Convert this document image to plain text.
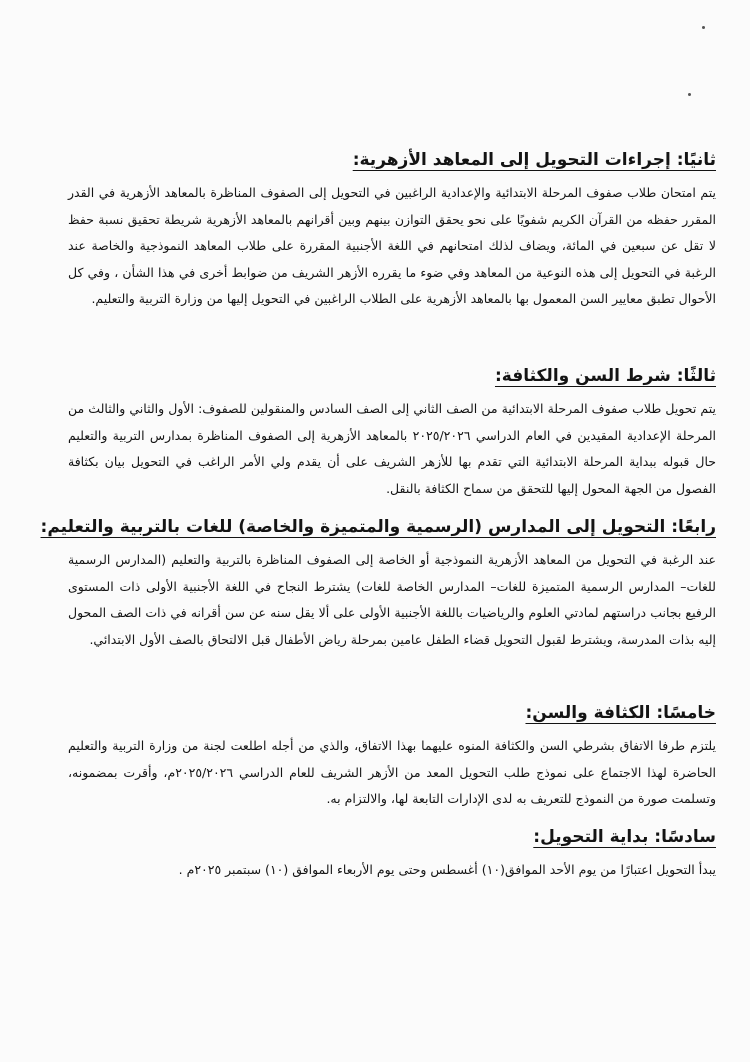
ثانيًا: إجراءات التحويل إلى المعاهد الأزهرية:
يتم امتحان طلاب صفوف المرحلة الابتدائية والإعدادية الراغبين في التحويل إلى الصفوف المناظرة بالمعاهد الأزهرية في القدر المقرر حفظه من القرآن الكريم شفويًا على نحو يحقق التوازن بينهم وبين أقرانهم بالمعاهد الأزهرية شريطة تحقيق نسبة حفظ لا تقل عن سبعين في المائة، ويضاف لذلك امتحانهم في اللغة الأجنبية المقررة على طلاب المعاهد النموذجية والخاصة عند الرغبة في التحويل إلى هذه النوعية من المعاهد وفي ضوء ما يقرره الأزهر الشريف من ضوابط أخرى في هذا الشأن ، وفي كل الأحوال تطبق معايير السن المعمول بها بالمعاهد الأزهرية على الطلاب الراغبين في التحويل إليها من وزارة التربية والتعليم.
ثالثًا: شرط السن والكثافة:
يتم تحويل طلاب صفوف المرحلة الابتدائية من الصف الثاني إلى الصف السادس والمنقولين للصفوف: الأول والثاني والثالث من المرحلة الإعدادية المقيدين في العام الدراسي ٢٠٢٥/٢٠٢٦ بالمعاهد الأزهرية إلى الصفوف المناظرة بمدارس التربية والتعليم حال قبوله ببداية المرحلة الابتدائية التي تقدم بها للأزهر الشريف على أن يقدم ولي الأمر الراغب في التحويل بيان بكثافة الفصول من الجهة المحول إليها للتحقق من سماح الكثافة بالنقل.
رابعًا: التحويل إلى المدارس (الرسمية والمتميزة والخاصة) للغات بالتربية والتعليم:
عند الرغبة في التحويل من المعاهد الأزهرية النموذجية أو الخاصة إلى الصفوف المناظرة بالتربية والتعليم (المدارس الرسمية للغات– المدارس الرسمية المتميزة للغات– المدارس الخاصة للغات) يشترط النجاح في اللغة الأجنبية الأولى ذات المستوى الرفيع بجانب دراستهم لمادتي العلوم والرياضيات باللغة الأجنبية الأولى على ألا يقل سنه عن سن أقرانه في ذات الصف المحول إليه بذات المدرسة، ويشترط لقبول التحويل قضاء الطفل عامين بمرحلة رياض الأطفال قبل الالتحاق بالصف الأول الابتدائي.
خامسًا: الكثافة والسن:
يلتزم طرفا الاتفاق بشرطي السن والكثافة المنوه عليهما بهذا الاتفاق، والذي من أجله اطلعت لجنة من وزارة التربية والتعليم الحاضرة لهذا الاجتماع على نموذج طلب التحويل المعد من الأزهر الشريف للعام الدراسي ٢٠٢٥/٢٠٢٦م، وأقرت بمضمونه، وتسلمت صورة من النموذج للتعريف به لدى الإدارات التابعة لها، والالتزام به.
سادسًا: بداية التحويل:
يبدأ التحويل اعتبارًا من يوم الأحد الموافق(١٠) أغسطس وحتى يوم الأربعاء الموافق (١٠) سبتمبر ٢٠٢٥م .
